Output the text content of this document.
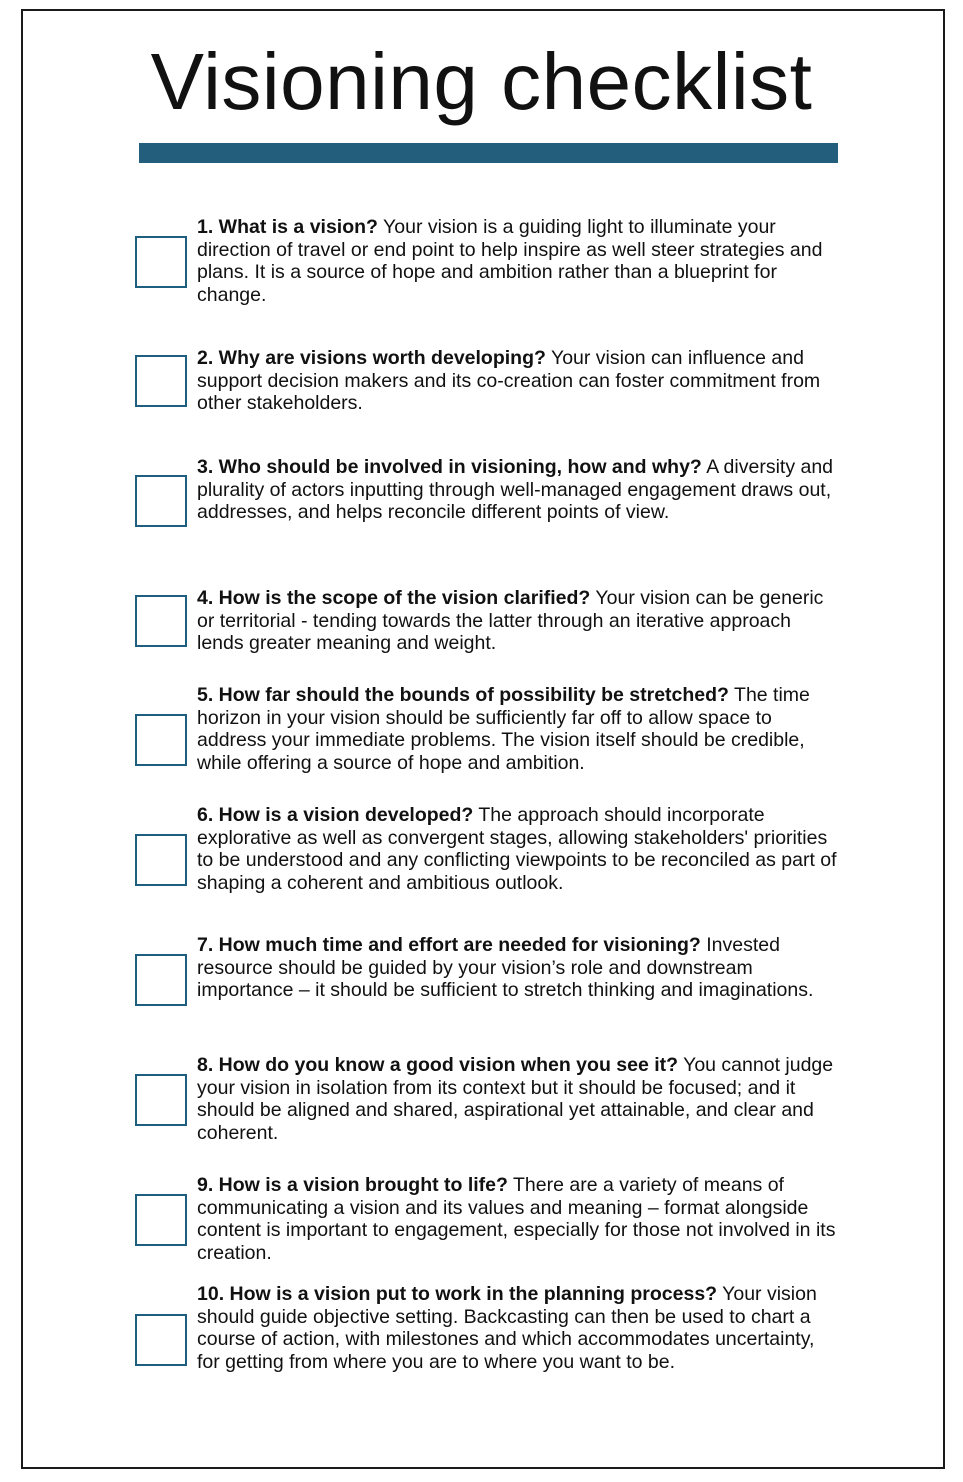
Visioning checklist

1. What is a vision? Your vision is a guiding light to illuminate your direction of travel or end point to help inspire as well steer strategies and plans. It is a source of hope and ambition rather than a blueprint for change.

2. Why are visions worth developing? Your vision can influence and support decision makers and its co-creation can foster commitment from other stakeholders.

3. Who should be involved in visioning, how and why? A diversity and plurality of actors inputting through well-managed engagement draws out, addresses, and helps reconcile different points of view.

4. How is the scope of the vision clarified? Your vision can be generic or territorial - tending towards the latter through an iterative approach lends greater meaning and weight.

5. How far should the bounds of possibility be stretched? The time horizon in your vision should be sufficiently far off to allow space to address your immediate problems. The vision itself should be credible, while offering a source of hope and ambition.

6. How is a vision developed? The approach should incorporate explorative as well as convergent stages, allowing stakeholders' priorities to be understood and any conflicting viewpoints to be reconciled as part of shaping a coherent and ambitious outlook.

7. How much time and effort are needed for visioning? Invested resource should be guided by your vision’s role and downstream importance – it should be sufficient to stretch thinking and imaginations.

8. How do you know a good vision when you see it? You cannot judge your vision in isolation from its context but it should be focused; and it should be aligned and shared, aspirational yet attainable, and clear and coherent.

9. How is a vision brought to life? There are a variety of means of communicating a vision and its values and meaning – format alongside content is important to engagement, especially for those not involved in its creation.

10. How is a vision put to work in the planning process? Your vision should guide objective setting. Backcasting can then be used to chart a course of action, with milestones and which accommodates uncertainty, for getting from where you are to where you want to be.
